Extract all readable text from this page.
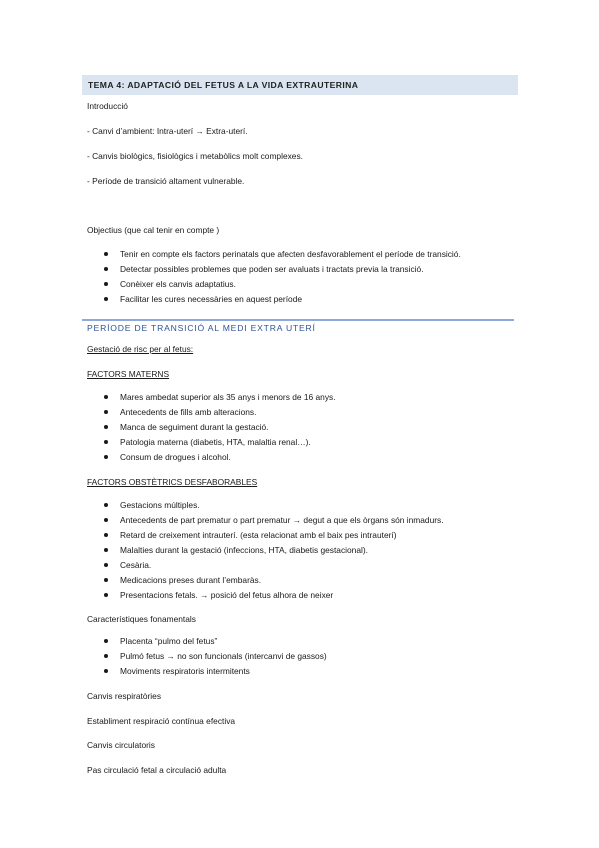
TEMA 4: ADAPTACIÓ DEL FETUS A LA VIDA EXTRAUTERINA
Introducció
- Canvi d’ambient: Intra-uterí → Extra-uterí.
- Canvis biològics, fisiològics i metabòlics molt complexes.
- Període de transició altament vulnerable.
Objectius (que cal tenir en compte )
Tenir en compte els factors perinatals que afecten desfavorablement el període de transició.
Detectar possibles problemes que poden ser avaluats i tractats previa la transició.
Conèixer els canvis adaptatius.
Facilitar les cures necessàries en aquest període
PERÍODE DE TRANSICIÓ AL MEDI EXTRA UTERÍ
Gestació de risc per al fetus:
FACTORS MATERNS
Mares ambedat superior als 35 anys i menors de 16 anys.
Antecedents de fills amb alteracions.
Manca de seguiment durant la gestació.
Patologia materna (diabetis, HTA, malaltia renal…).
Consum de drogues i alcohol.
FACTORS OBSTÈTRICS DESFABORABLES
Gestacions múltiples.
Antecedents de part prematur o part prematur → degut a que els òrgans són inmadurs.
Retard de creixement intrauterí. (esta relacionat amb el baix pes intrauterí)
Malalties durant la gestació (infeccions, HTA, diabetis gestacional).
Cesària.
Medicacions preses durant l’embaràs.
Presentacions fetals. → posició del fetus alhora de neixer
Característiques fonamentals
Placenta “pulmo del fetus”
Pulmó fetus → no son funcionals (intercanvi de gassos)
Moviments respiratoris intermitents
Canvis respiratòries
Establiment respiració contínua efectiva
Canvis circulatoris
Pas circulació fetal a circulació adulta
